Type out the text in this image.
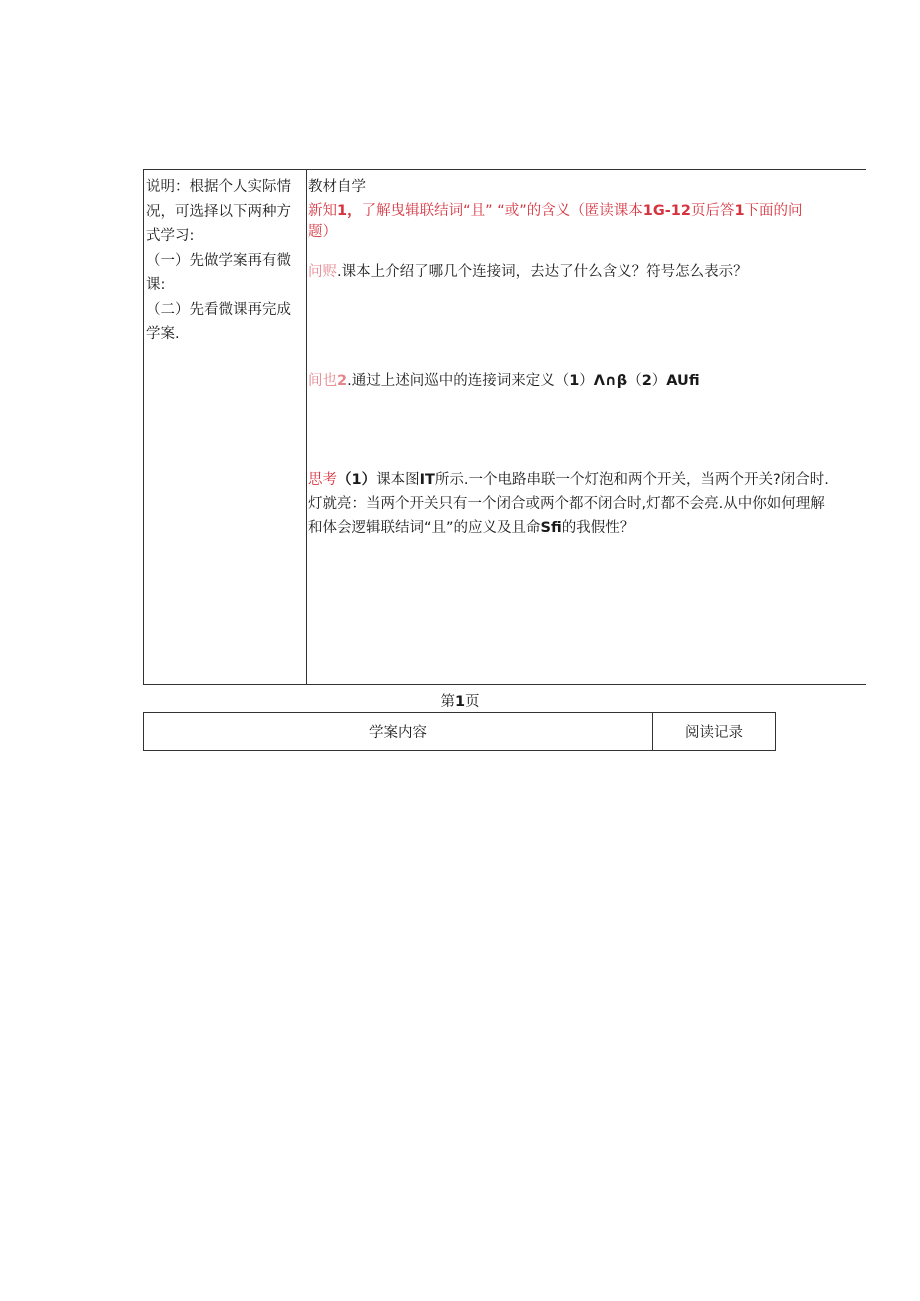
说明：根据个人实际情
况，可选择以下两种方
式学习:
（一）先做学案再有微
课:
（二）先看微课再完成
学案.
教材自学
新知1，了解曳辑联结词“且” “或”的含义（匿读课本1G-12页后答1下面的问
题）
问赆.课本上介绍了哪几个连接词，去达了什么含义？符号怎么表示？
间也2.通过上述问巡中的连接词来定义（1）Λ∩β（2）AUfi
思考（1）课本图IT所示.一个电路串联一个灯泡和两个开关，当两个开关?闭合时.
灯就亮：当两个开关只有一个闭合或两个都不闭合时,灯都不会亮.从中你如何理解
和体会逻辑联结词“且”的应义及且命Sfi的我假性？
第1页
学案内容	阅读记录
